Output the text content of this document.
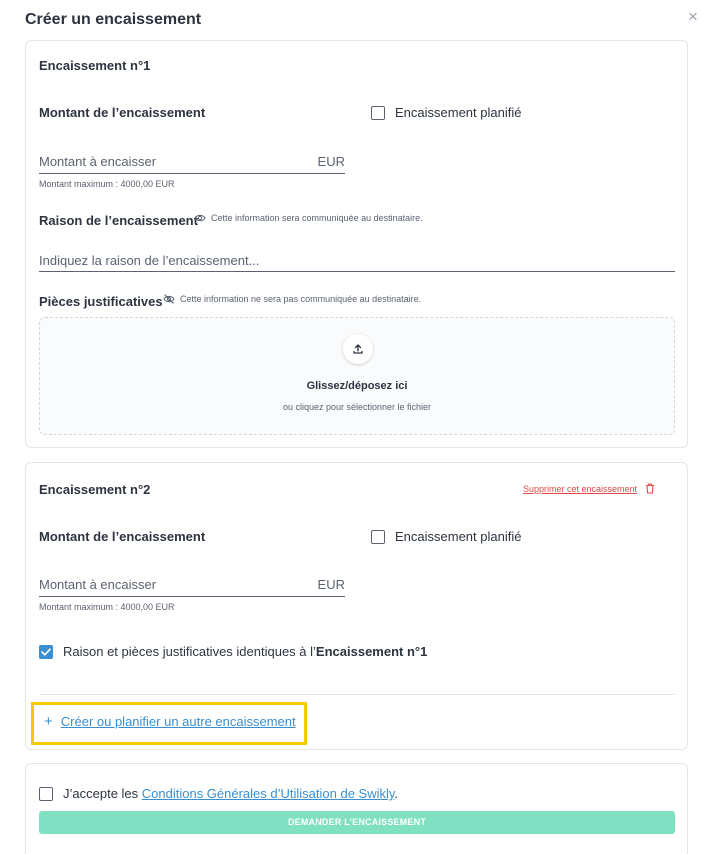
Créer un encaissement	×
Encaissement n°1
Montant de l’encaissement	Encaissement planifié
Montant à encaisser	EUR
Montant maximum : 4000,00 EUR
Raison de l’encaissement Cette information sera communiquée au destinataire.
Indiquez la raison de l’encaissement...
Pièces justificatives Cette information ne sera pas communiquée au destinataire.
Glissez/déposez ici
ou cliquez pour sélectionner le fichier
Encaissement n°2	Supprimer cet encaissement
Montant de l’encaissement	Encaissement planifié
Montant à encaisser	EUR
Montant maximum : 4000,00 EUR
Raison et pièces justificatives identiques à l’Encaissement n°1
+ Créer ou planifier un autre encaissement
J’accepte les Conditions Générales d’Utilisation de Swikly.
DEMANDER L’ENCAISSEMENT
